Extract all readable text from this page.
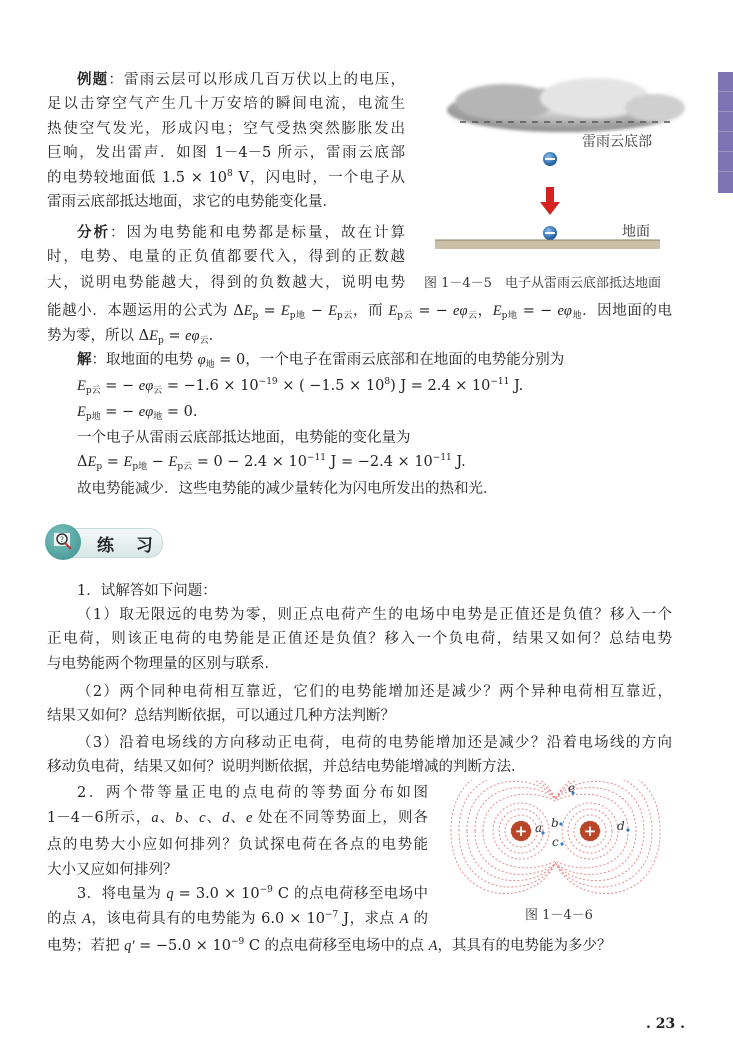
雷雨云底部
地面
图 1－4－5　电子从雷雨云底部抵达地面
? 练 习
+	+
a b
c
d
e
图 1－4－6
例题：雷雨云层可以形成几百万伏以上的电压，
足以击穿空气产生几十万安培的瞬间电流，电流生
热使空气发光，形成闪电；空气受热突然膨胀发出
巨响，发出雷声．如图 1－4－5 所示，雷雨云底部
的电势较地面低 $1.5 \times 10^8$ V，闪电时，一个电子从
雷雨云底部抵达地面，求它的电势能变化量．
分析：因为电势能和电势都是标量，故在计算
时，电势、电量的正负值都要代入，得到的正数越
大，说明电势能越大，得到的负数越大，说明电势
能越小．本题运用的公式为 $\Delta E_p = E_{p地} - E_{p云}$，而 $E_{p云}$ = − $e\varphi_云$，$E_{p地}$ = − $e\varphi_地$．因地面的电
势为零，所以 $\Delta E_p = e\varphi_云$．
解：取地面的电势 $\varphi_地 = 0$，一个电子在雷雨云底部和在地面的电势能分别为
$E_{p云}$ = − $e\varphi_云 = -1.6 \times 10^{-19}$ × ( $-1.5 \times 10^8$) $J = 2.4 \times 10^{-11}$ J.
$E_{p地}$ = − $e\varphi_地 = 0$.
一个电子从雷雨云底部抵达地面，电势能的变化量为
$\Delta E_p = E_{p地} - E_{p云} = 0 - 2.4 \times 10^{-11}$ $J = -2.4 \times 10^{-11}$ J.
故电势能减少．这些电势能的减少量转化为闪电所发出的热和光．
1．试解答如下问题：
（1）取无限远的电势为零，则正点电荷产生的电场中电势是正值还是负值？移入一个
正电荷，则该正电荷的电势能是正值还是负值？移入一个负电荷，结果又如何？总结电势
与电势能两个物理量的区别与联系．
（2）两个同种电荷相互靠近，它们的电势能增加还是减少？两个异种电荷相互靠近，
结果又如何？总结判断依据，可以通过几种方法判断？
（3）沿着电场线的方向移动正电荷，电荷的电势能增加还是减少？沿着电场线的方向
移动负电荷，结果又如何？说明判断依据，并总结电势能增减的判断方法．
2．两个带等量正电的点电荷的等势面分布如图
1－4－6所示，a、b、c、d、e 处在不同等势面上，则各
点的电势大小应如何排列？负试探电荷在各点的电势能
大小又应如何排列？
3．将电量为 $q = 3.0 \times 10^{-9}$ C 的点电荷移至电场中
的点 A，该电荷具有的电势能为 $6.0 \times 10^{-7}$ J，求点 A 的
电势；若把 $q' = -5.0 \times 10^{-9}$ C 的点电荷移至电场中的点 A，其具有的电势能为多少？
. 23 .
